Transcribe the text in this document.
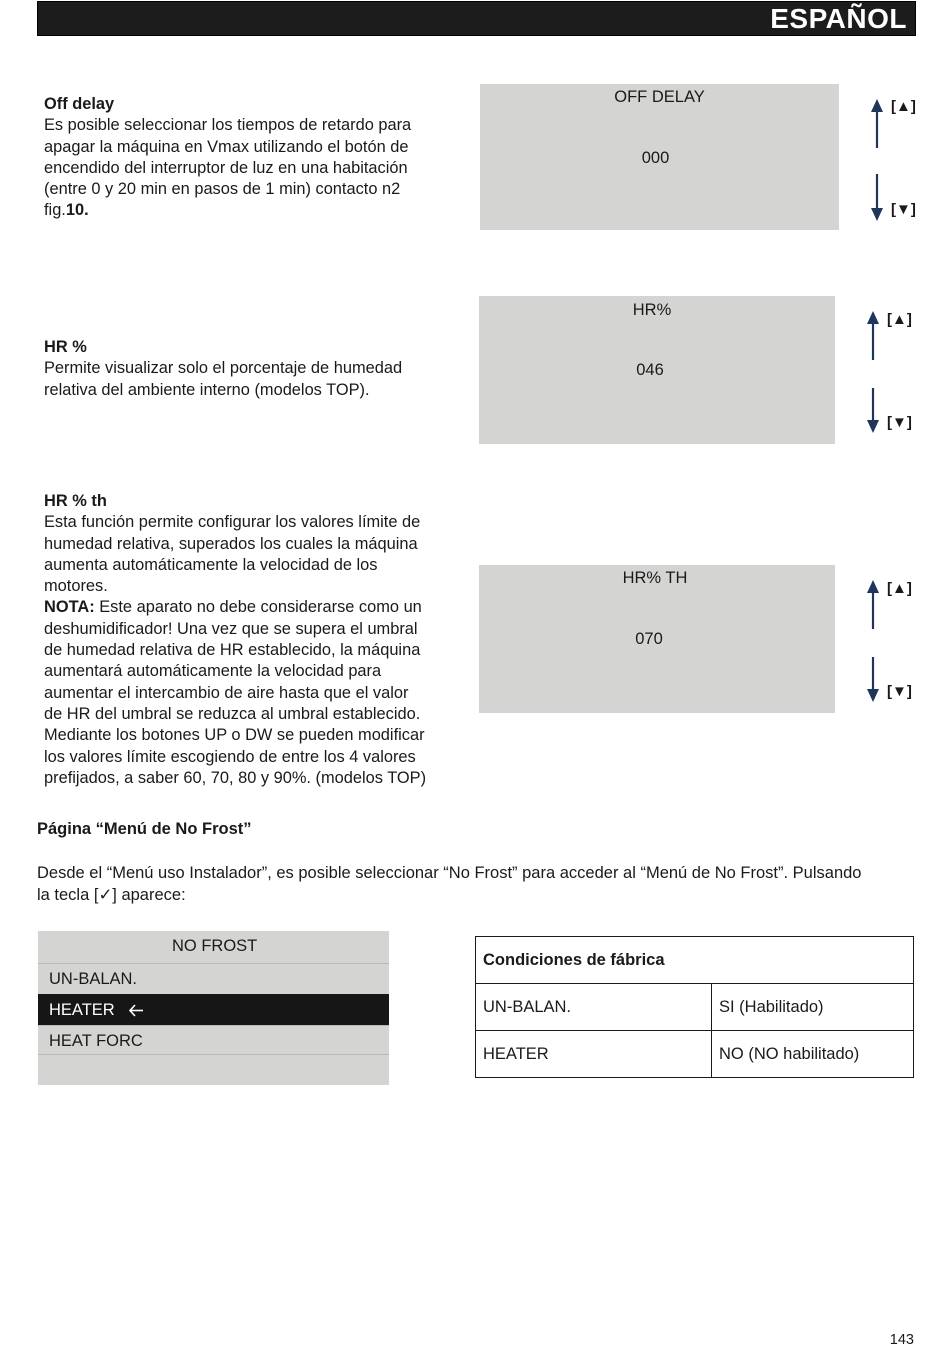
ESPAÑOL
Off delay
Es posible seleccionar los tiempos de retardo para
apagar la máquina en Vmax utilizando el botón de
encendido del interruptor de luz en una habitación
(entre 0 y 20 min en pasos de 1 min) contacto n2
fig.10.
OFF DELAY
000
[▲]
[▼]
HR %
Permite visualizar solo el porcentaje de humedad
relativa del ambiente interno (modelos TOP).
HR%
046
[▲]
[▼]
HR % th
Esta función permite configurar los valores límite de
humedad relativa, superados los cuales la máquina
aumenta automáticamente la velocidad de los
motores.
NOTA: Este aparato no debe considerarse como un
deshumidificador! Una vez que se supera el umbral
de humedad relativa de HR establecido, la máquina
aumentará automáticamente la velocidad para
aumentar el intercambio de aire hasta que el valor
de HR del umbral se reduzca al umbral establecido.
Mediante los botones UP o DW se pueden modificar
los valores límite escogiendo de entre los 4 valores
prefijados, a saber 60, 70, 80 y 90%. (modelos TOP)
HR% TH
070
[▲]
[▼]
Página “Menú de No Frost”
Desde el “Menú uso Instalador”, es posible seleccionar “No Frost” para acceder al “Menú de No Frost”. Pulsando
la tecla [✓] aparece:
NO FROST
UN-BALAN.
HEATER
HEAT FORC
Condiciones de fábrica	
UN-BALAN.	SI (Habilitado)
HEATER	NO (NO habilitado)
143
